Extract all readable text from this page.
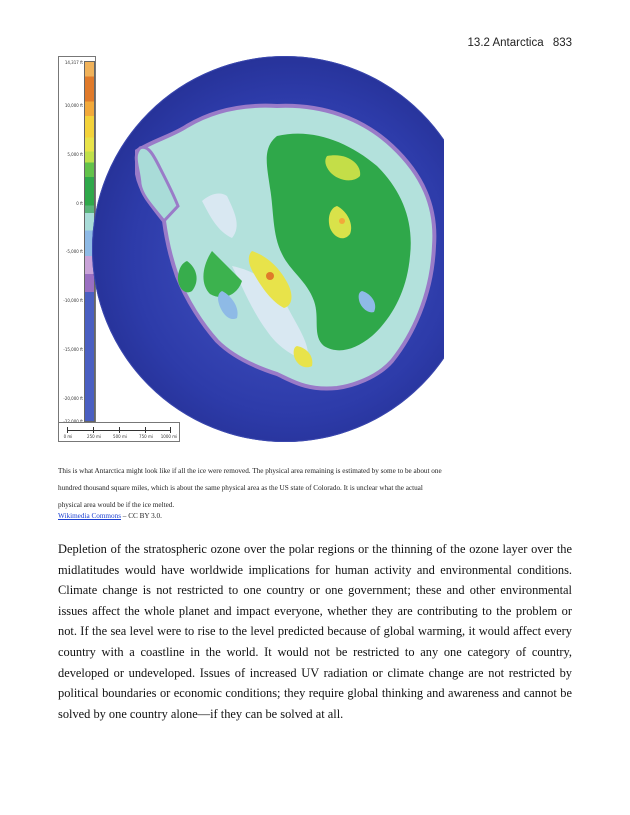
13.2 Antarctica 833
14,317 ft
10,000 ft
5,000 ft
0 ft
-5,000 ft
-10,000 ft
-15,000 ft
-20,000 ft
0 mi	250 mi	500 mi	750 mi 1000 mi

This is what Antarctica might look like if all the ice were removed. The physical area remaining is estimated by some to be about one hundred thousand square miles, which is about the same physical area as the US state of Colorado. It is unclear what the actual physical area would be if the ice melted.

Wikimedia Commons – CC BY 3.0.

Depletion of the stratospheric ozone over the polar regions or the thinning of the ozone layer over the midlatitudes would have worldwide implications for human activity and environmental conditions. Climate change is not restricted to one country or one government; these and other environmental issues affect the whole planet and impact everyone, whether they are contributing to the problem or not. If the sea level were to rise to the level predicted because of global warming, it would affect every country with a coastline in the world. It would not be restricted to any one category of country, developed or undeveloped. Issues of increased UV radiation or climate change are not restricted by political boundaries or economic conditions; they require global thinking and awareness and cannot be solved by one country alone—if they can be solved at all.
